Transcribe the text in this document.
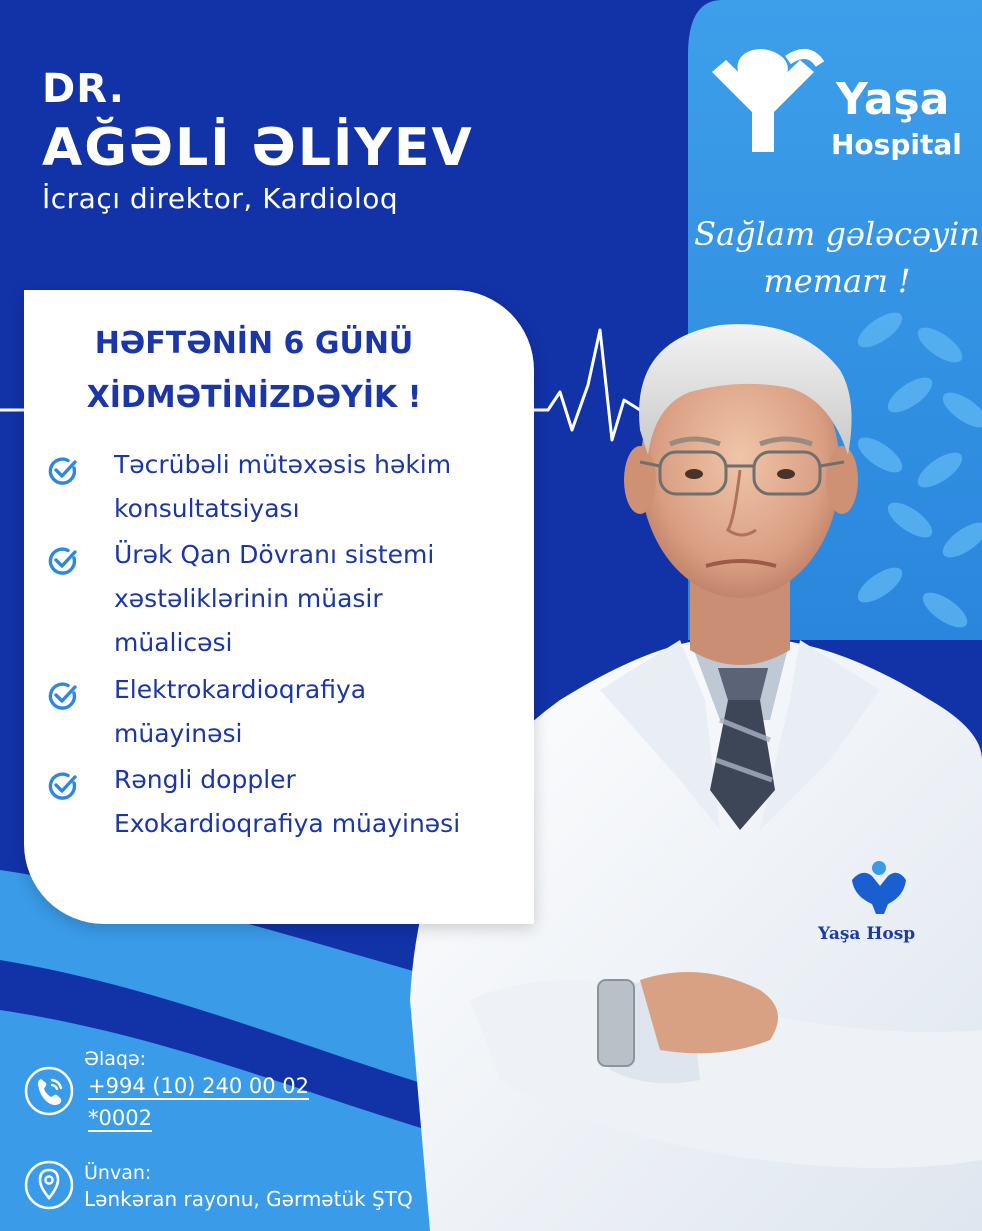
DR.
AĞƏLİ ƏLİYEV
İcraçı direktor, Kardioloq
Yaşa
Hospital
Sağlam gələcəyin
memarı !
HƏFTƏNİN 6 GÜNÜ
XİDMƏTİNİZDƏYİK !
Təcrübəli mütəxəsis həkim
konsultatsiyası
Ürək Qan Dövranı sistemi
xəstəliklərinin müasir
müalicəsi
Elektrokardioqrafiya
müayinəsi
Rəngli doppler
Exokardioqrafiya müayinəsi
Yaşa Hosp
Əlaqə:
+994 (10) 240 00 02
*0002
Ünvan:
Lənkəran rayonu, Gərmətük ŞTQ
